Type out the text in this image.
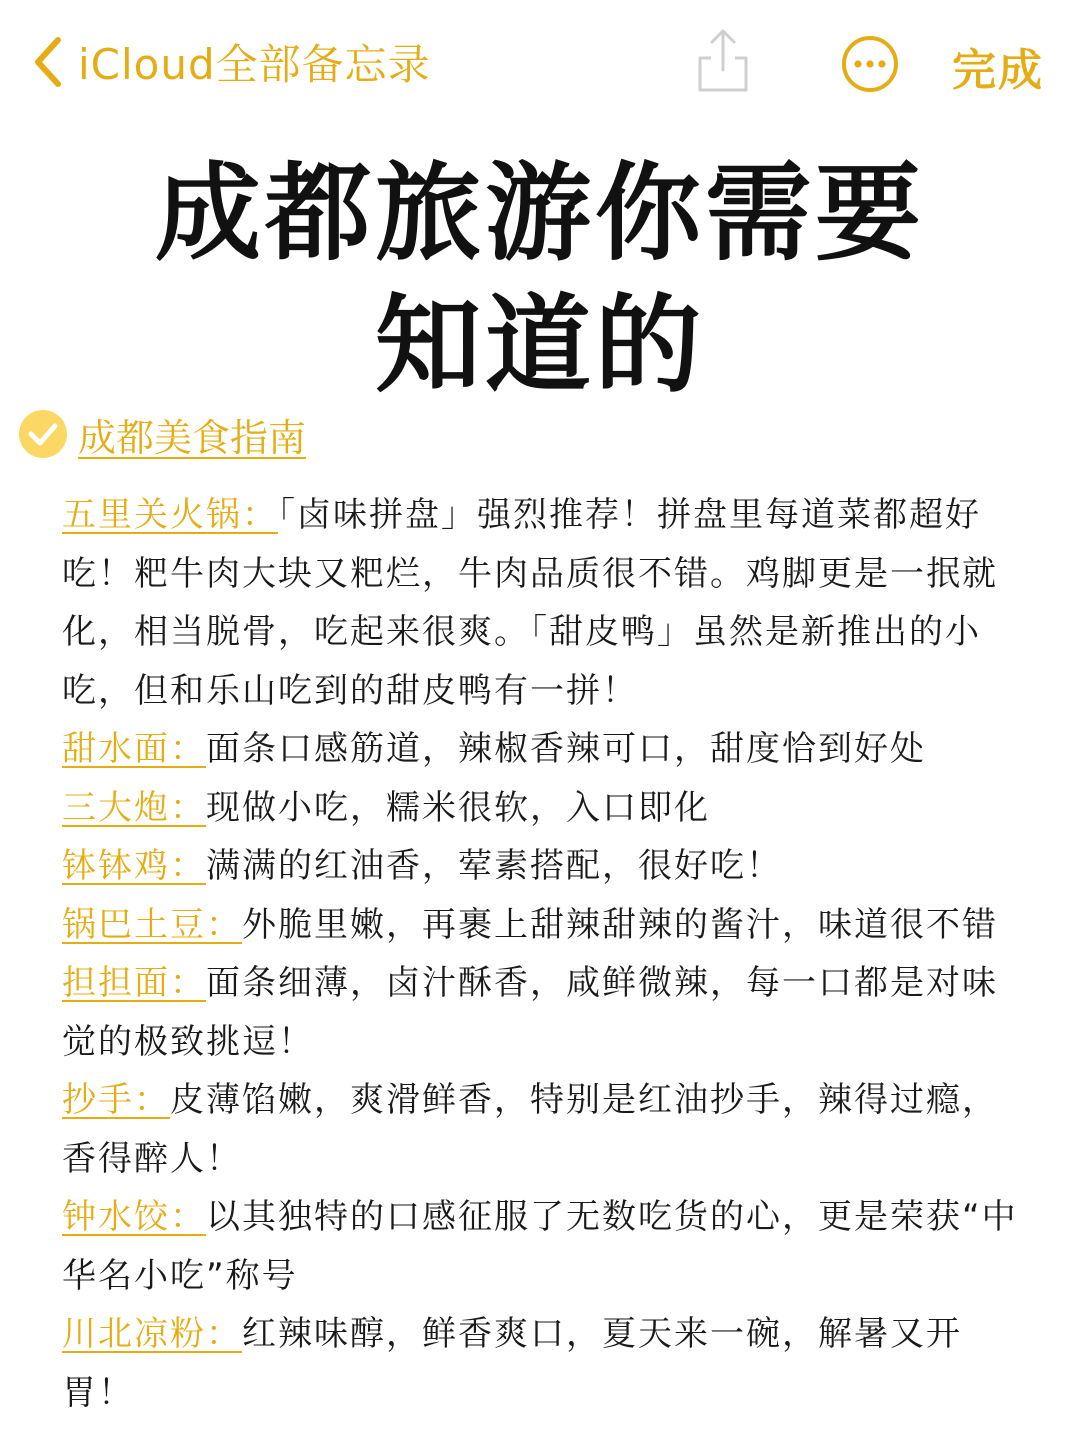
iCloud全部备忘录	完成
成都旅游你需要
知道的
成都美食指南

五里关火锅：「卤味拼盘」强烈推荐！拼盘里每道菜都超好吃！粑牛肉大块又粑烂，牛肉品质很不错。鸡脚更是一抿就化，相当脱骨，吃起来很爽。「甜皮鸭」虽然是新推出的小吃，但和乐山吃到的甜皮鸭有一拼！

甜水面：面条口感筋道，辣椒香辣可口，甜度恰到好处

三大炮：现做小吃，糯米很软，入口即化

钵钵鸡：满满的红油香，荤素搭配，很好吃！

锅巴土豆：外脆里嫩，再裹上甜辣甜辣的酱汁，味道很不错

担担面：面条细薄，卤汁酥香，咸鲜微辣，每一口都是对味觉的极致挑逗！

抄手：皮薄馅嫩，爽滑鲜香，特别是红油抄手，辣得过瘾，香得醉人！

钟水饺：以其独特的口感征服了无数吃货的心，更是荣获“中华名小吃”称号

川北凉粉：红辣味醇，鲜香爽口，夏天来一碗，解暑又开胃！
